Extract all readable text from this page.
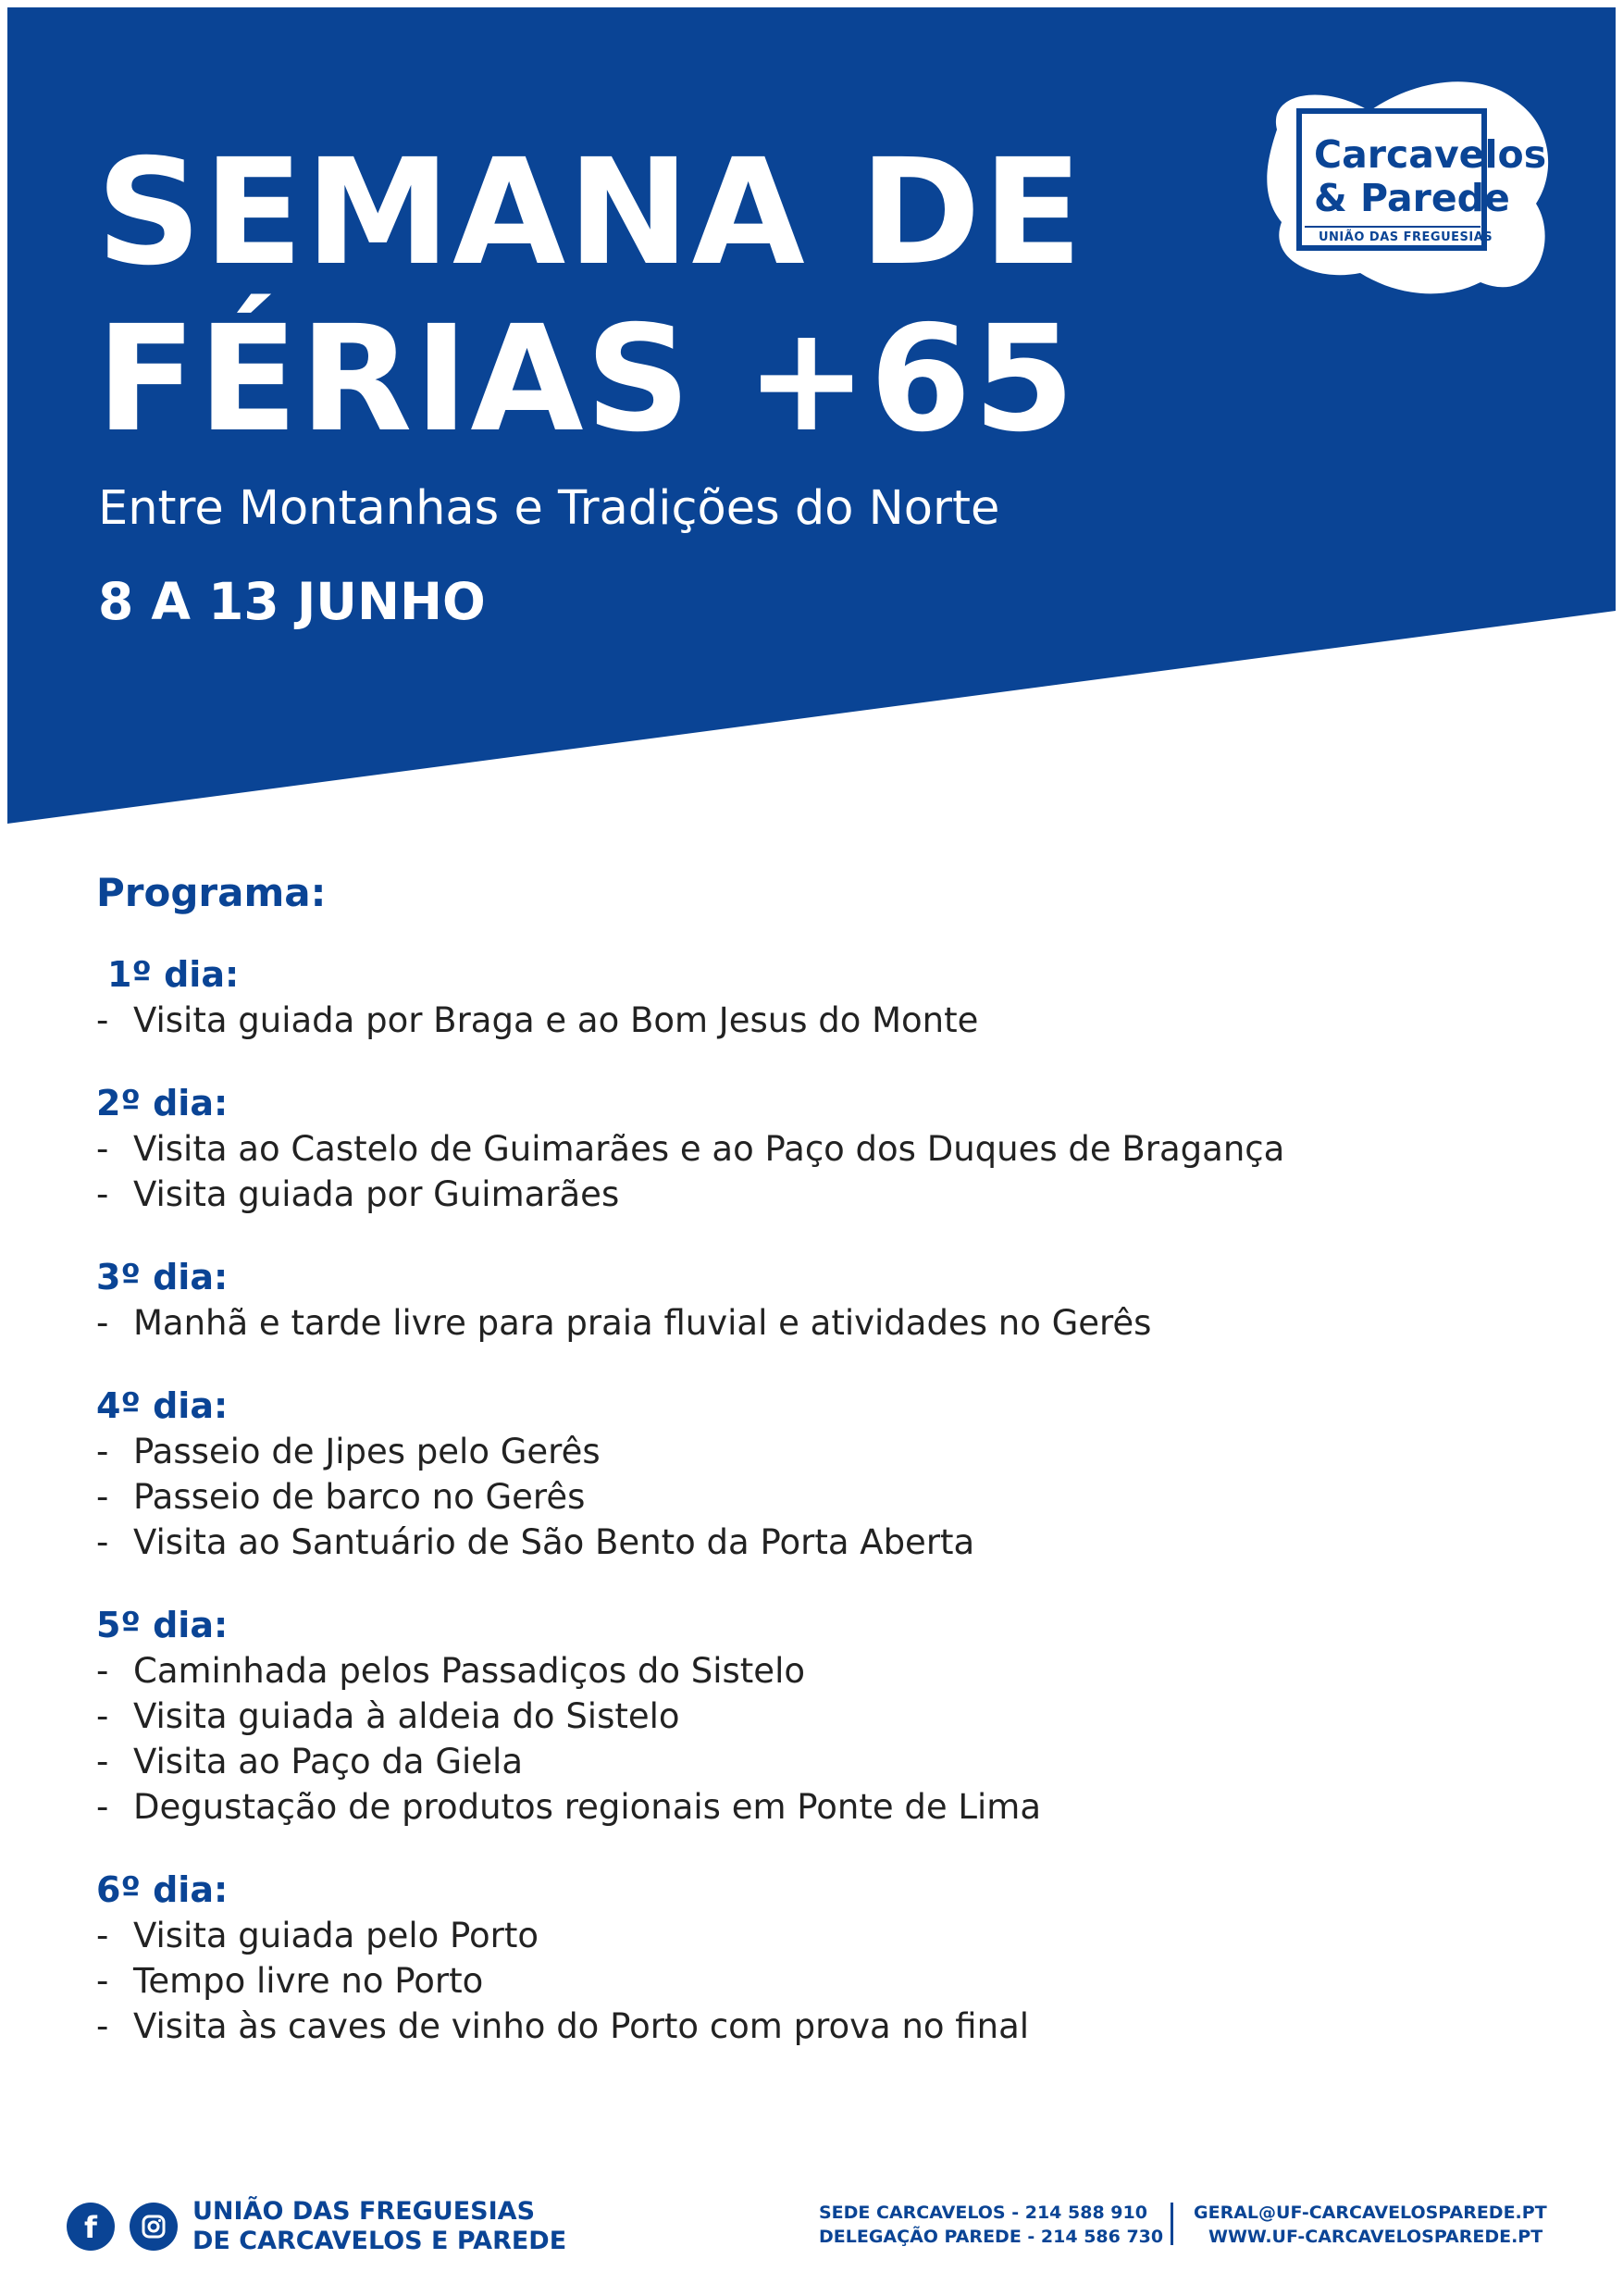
SEMANA DE
FÉRIAS +65
Entre Montanhas e Tradições do Norte
8 A 13 JUNHO
Carcavelos
& Parede
UNIÃO DAS FREGUESIAS
Programa:
1º dia:
- Visita guiada por Braga e ao Bom Jesus do Monte
2º dia:
- Visita ao Castelo de Guimarães e ao Paço dos Duques de Bragança
- Visita guiada por Guimarães
3º dia:
- Manhã e tarde livre para praia fluvial e atividades no Gerês
4º dia:
- Passeio de Jipes pelo Gerês
- Passeio de barco no Gerês
- Visita ao Santuário de São Bento da Porta Aberta
5º dia:
- Caminhada pelos Passadiços do Sistelo
- Visita guiada à aldeia do Sistelo
- Visita ao Paço da Giela
- Degustação de produtos regionais em Ponte de Lima
6º dia:
- Visita guiada pelo Porto
- Tempo livre no Porto
- Visita às caves de vinho do Porto com prova no final
f	UNIÃO DAS FREGUESIAS
DE CARCAVELOS E PAREDE
SEDE CARCAVELOS - 214 588 910
DELEGAÇÃO PAREDE - 214 586 730
GERAL@UF-CARCAVELOSPAREDE.PT
WWW.UF-CARCAVELOSPAREDE.PT
